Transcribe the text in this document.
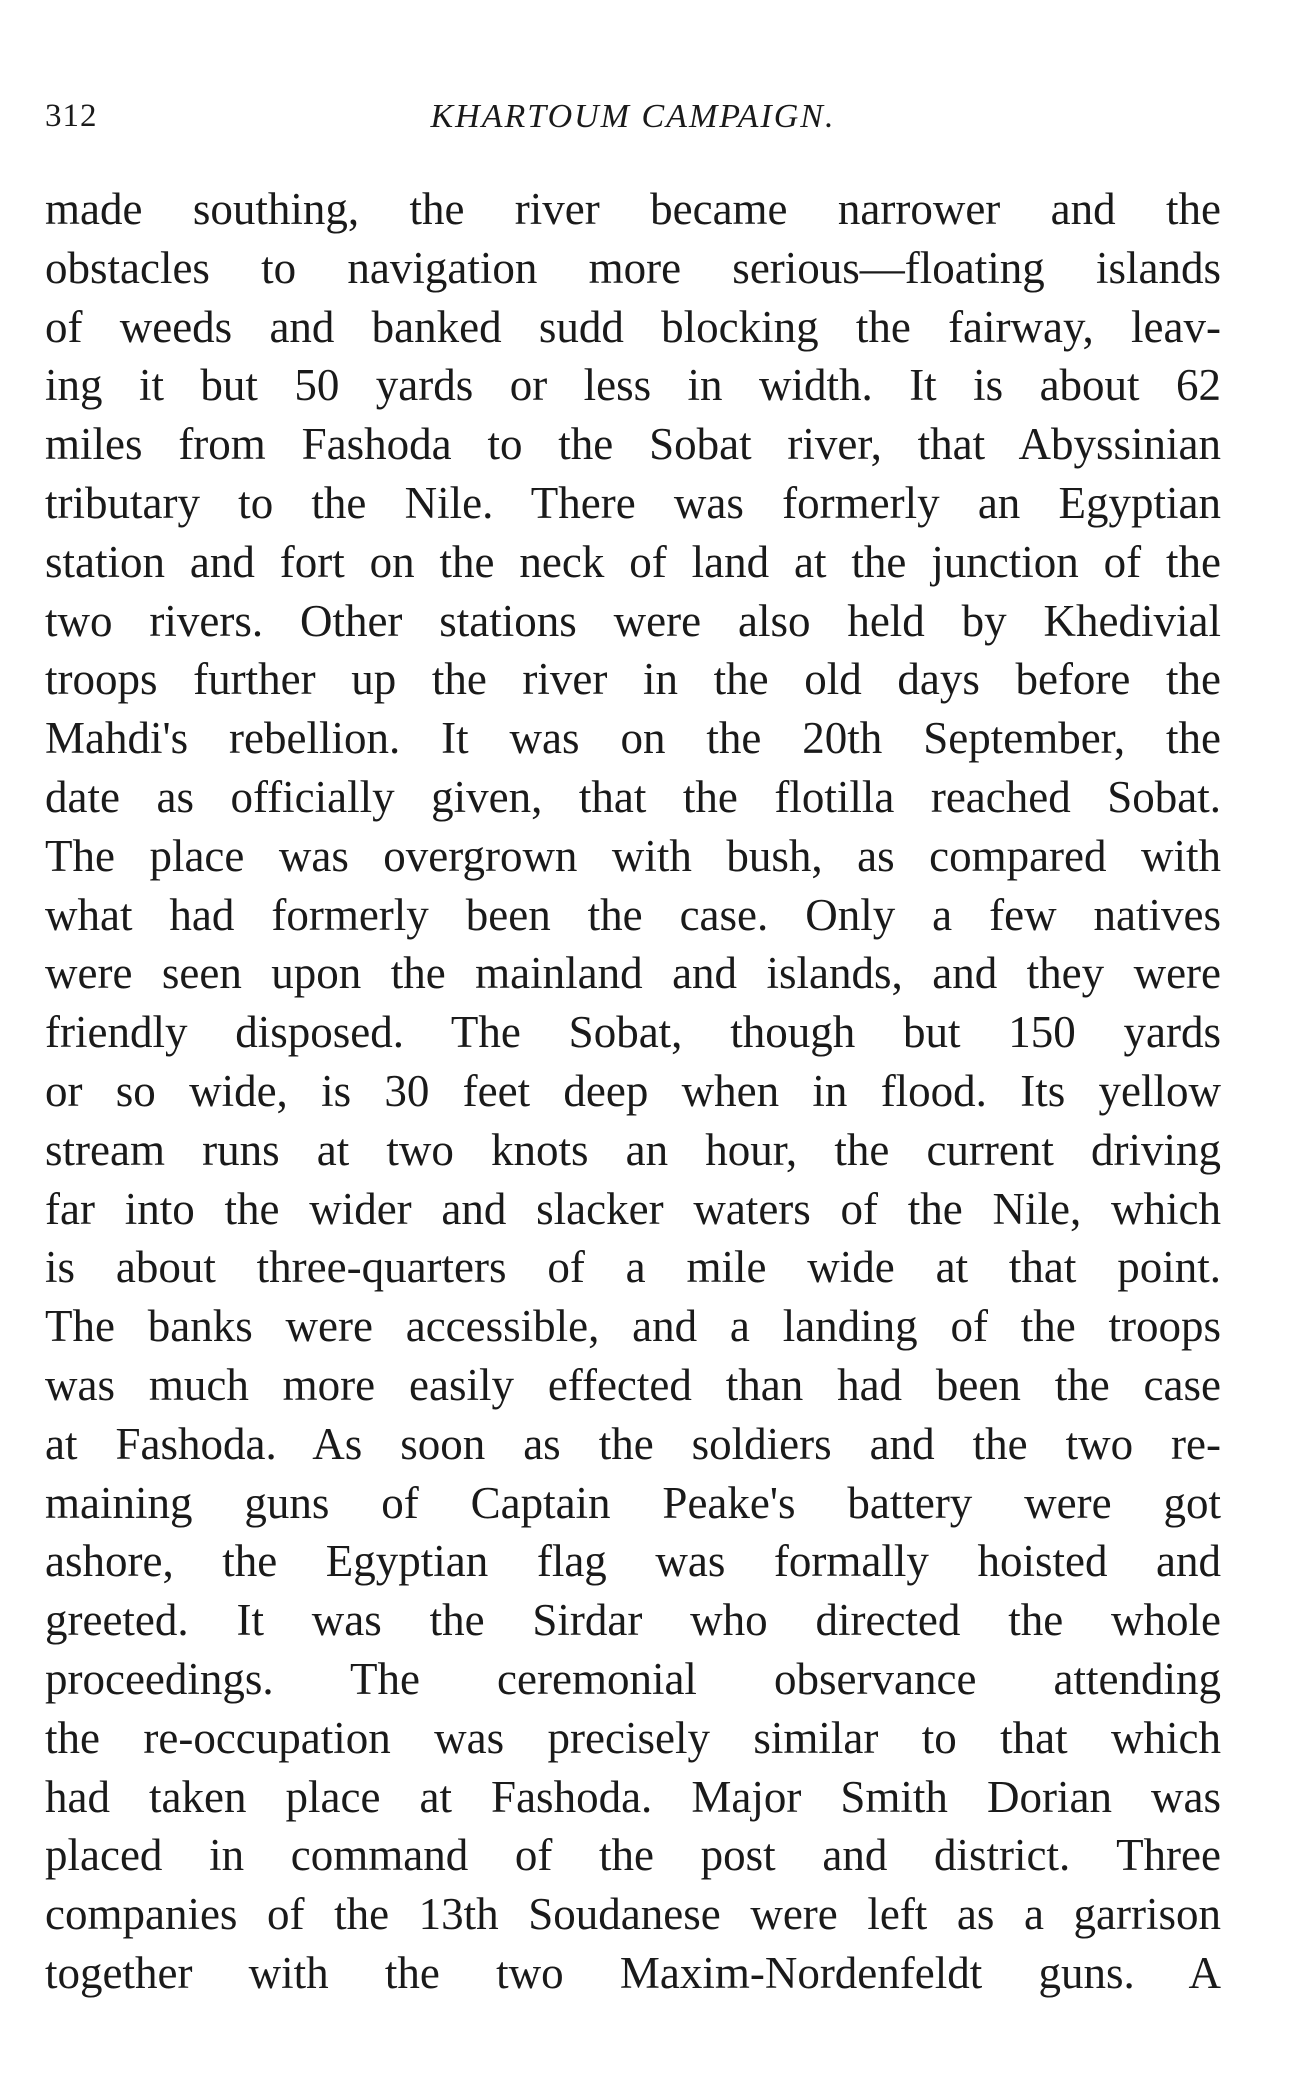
312	KHARTOUM CAMPAIGN.
made southing, the river became narrower and the
obstacles to navigation more serious—floating islands
of weeds and banked sudd blocking the fairway, leav-
ing it but 50 yards or less in width. It is about 62
miles from Fashoda to the Sobat river, that Abyssinian
tributary to the Nile. There was formerly an Egyptian
station and fort on the neck of land at the junction of the
two rivers. Other stations were also held by Khedivial
troops further up the river in the old days before the
Mahdi's rebellion. It was on the 20th September, the
date as officially given, that the flotilla reached Sobat.
The place was overgrown with bush, as compared with
what had formerly been the case. Only a few natives
were seen upon the mainland and islands, and they were
friendly disposed. The Sobat, though but 150 yards
or so wide, is 30 feet deep when in flood. Its yellow
stream runs at two knots an hour, the current driving
far into the wider and slacker waters of the Nile, which
is about three-quarters of a mile wide at that point.
The banks were accessible, and a landing of the troops
was much more easily effected than had been the case
at Fashoda. As soon as the soldiers and the two re-
maining guns of Captain Peake's battery were got
ashore, the Egyptian flag was formally hoisted and
greeted. It was the Sirdar who directed the whole
proceedings. The ceremonial observance attending
the re-occupation was precisely similar to that which
had taken place at Fashoda. Major Smith Dorian was
placed in command of the post and district. Three
companies of the 13th Soudanese were left as a garrison
together with the two Maxim-Nordenfeldt guns. A
